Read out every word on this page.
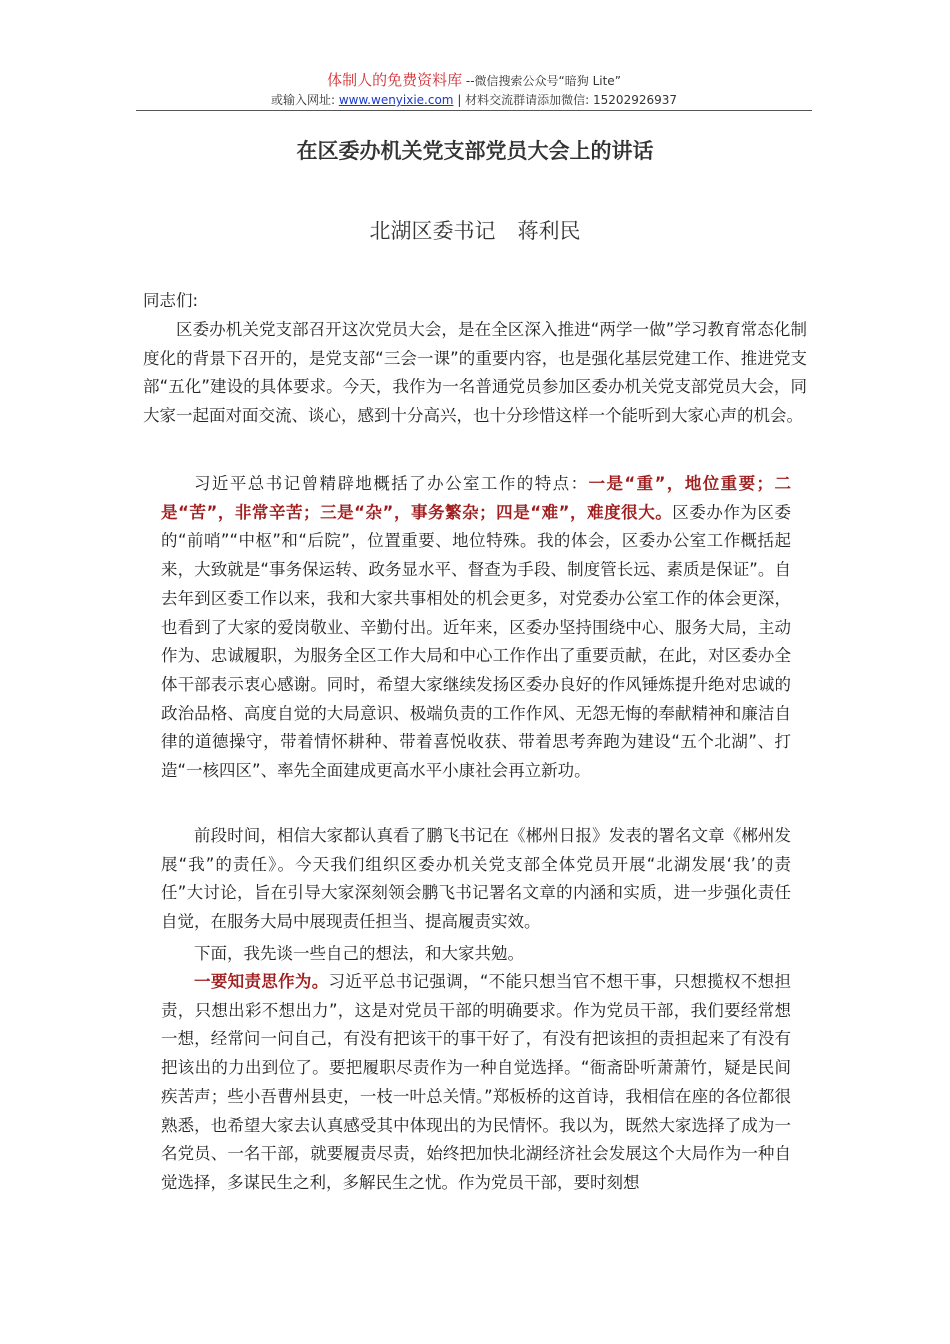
体制人的免费资料库 --微信搜索公众号“暗狗 Lite”
或输入网址: www.wenyixie.com | 材料交流群请添加微信: 15202926937
在区委办机关党支部党员大会上的讲话
北湖区委书记 蒋利民
同志们:
区委办机关党支部召开这次党员大会，是在全区深入推进“两学一做”学习教育常态化制度化的背景下召开的，是党支部“三会一课”的重要内容，也是强化基层党建工作、推进党支部“五化”建设的具体要求。今天，我作为一名普通党员参加区委办机关党支部党员大会，同大家一起面对面交流、谈心，感到十分高兴，也十分珍惜这样一个能听到大家心声的机会。
习近平总书记曾精辟地概括了办公室工作的特点：一是“重”，地位重要；二是“苦”，非常辛苦；三是“杂”，事务繁杂；四是“难”，难度很大。区委办作为区委的“前哨”“中枢”和“后院”，位置重要、地位特殊。我的体会，区委办公室工作概括起来，大致就是“事务保运转、政务显水平、督查为手段、制度管长远、素质是保证”。自去年到区委工作以来，我和大家共事相处的机会更多，对党委办公室工作的体会更深，也看到了大家的爱岗敬业、辛勤付出。近年来，区委办坚持围绕中心、服务大局，主动作为、忠诚履职，为服务全区工作大局和中心工作作出了重要贡献，在此，对区委办全体干部表示衷心感谢。同时，希望大家继续发扬区委办良好的作风锤炼提升绝对忠诚的政治品格、高度自觉的大局意识、极端负责的工作作风、无怨无悔的奉献精神和廉洁自律的道德操守，带着情怀耕种、带着喜悦收获、带着思考奔跑为建设“五个北湖”、打造“一核四区”、率先全面建成更高水平小康社会再立新功。
前段时间，相信大家都认真看了鹏飞书记在《郴州日报》发表的署名文章《郴州发展“我”的责任》。今天我们组织区委办机关党支部全体党员开展“北湖发展‘我’的责任”大讨论，旨在引导大家深刻领会鹏飞书记署名文章的内涵和实质，进一步强化责任自觉，在服务大局中展现责任担当、提高履责实效。
下面，我先谈一些自己的想法，和大家共勉。
一要知责思作为。习近平总书记强调，“不能只想当官不想干事，只想揽权不想担责，只想出彩不想出力”，这是对党员干部的明确要求。作为党员干部，我们要经常想一想，经常问一问自己，有没有把该干的事干好了，有没有把该担的责担起来了有没有把该出的力出到位了。要把履职尽责作为一种自觉选择。“衙斋卧听萧萧竹，疑是民间疾苦声；些小吾曹州县吏，一枝一叶总关情。”郑板桥的这首诗，我相信在座的各位都很熟悉，也希望大家去认真感受其中体现出的为民情怀。我以为，既然大家选择了成为一名党员、一名干部，就要履责尽责，始终把加快北湖经济社会发展这个大局作为一种自觉选择，多谋民生之利，多解民生之忧。作为党员干部，要时刻想
